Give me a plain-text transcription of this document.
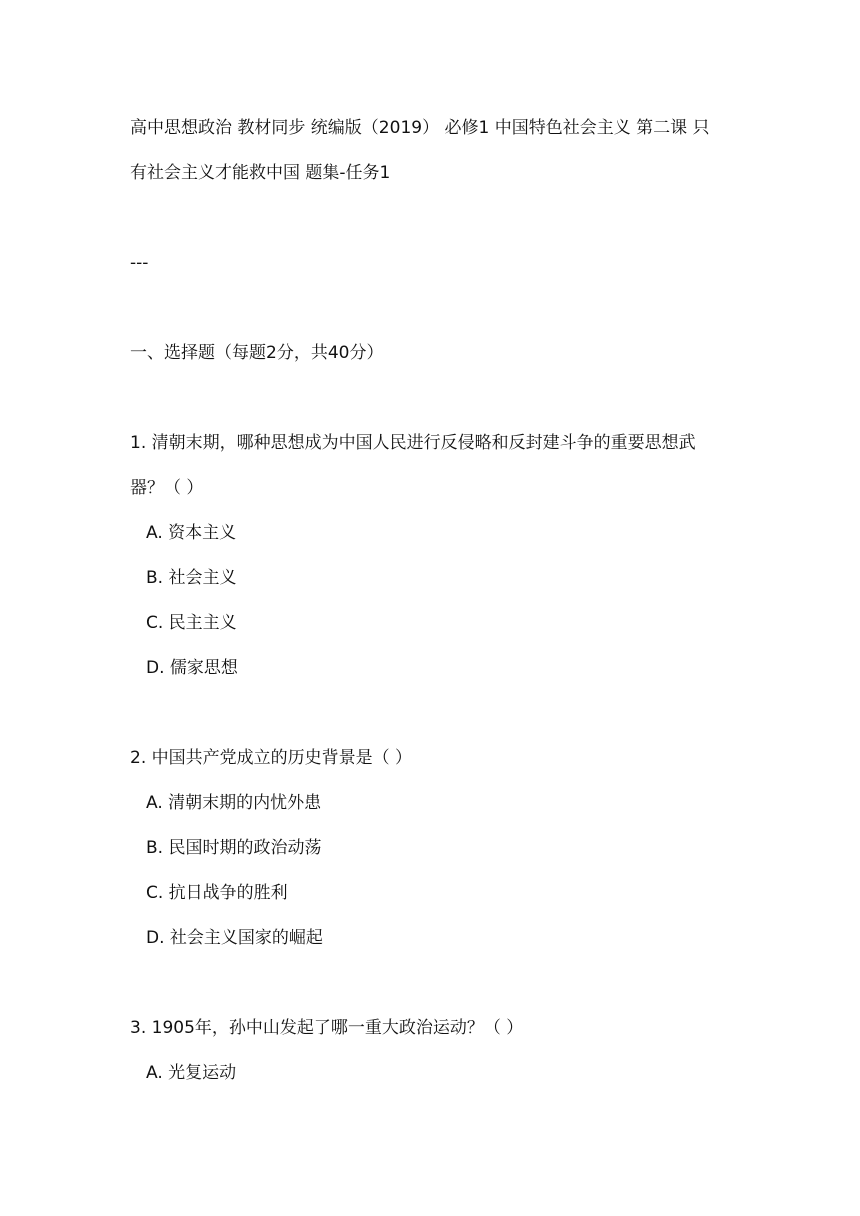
高中思想政治 教材同步 统编版（2019） 必修1 中国特色社会主义 第二课 只
有社会主义才能救中国 题集-任务1
---
一、选择题（每题2分，共40分）
1. 清朝末期，哪种思想成为中国人民进行反侵略和反封建斗争的重要思想武
器？（ ）
A. 资本主义
B. 社会主义
C. 民主主义
D. 儒家思想
2. 中国共产党成立的历史背景是（ ）
A. 清朝末期的内忧外患
B. 民国时期的政治动荡
C. 抗日战争的胜利
D. 社会主义国家的崛起
3. 1905年，孙中山发起了哪一重大政治运动？（ ）
A. 光复运动
